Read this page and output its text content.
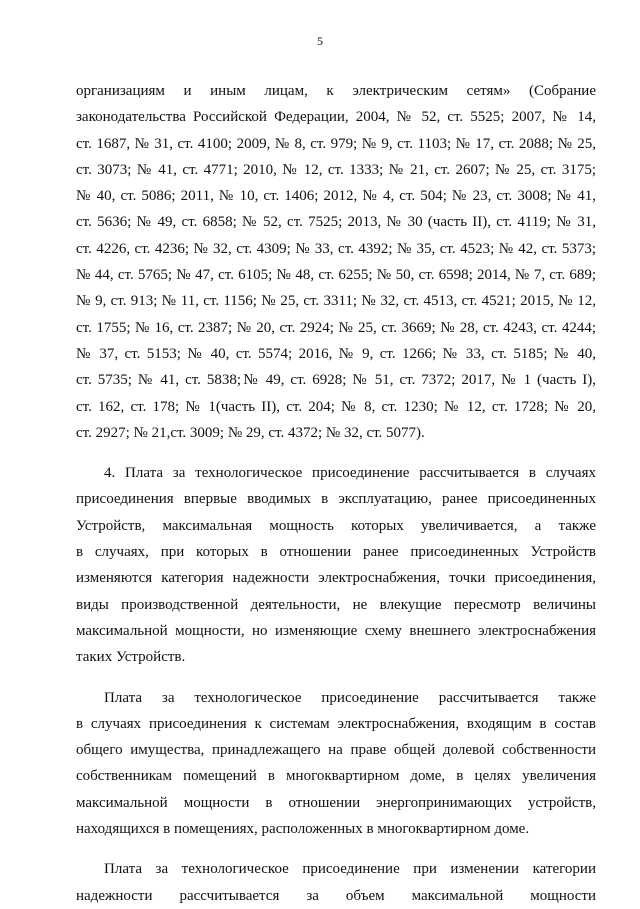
5
организациям и иным лицам, к электрическим сетям» (Собрание
законодательства Российской Федерации, 2004, № 52, ст. 5525; 2007, № 14,
ст. 1687, № 31, ст. 4100; 2009, № 8, ст. 979; № 9, ст. 1103; № 17, ст. 2088; № 25,
ст. 3073; № 41, ст. 4771; 2010, № 12, ст. 1333; № 21, ст. 2607; № 25, ст. 3175;
№ 40, ст. 5086; 2011, № 10, ст. 1406; 2012, № 4, ст. 504; № 23, ст. 3008; № 41,
ст. 5636; № 49, ст. 6858; № 52, ст. 7525; 2013, № 30 (часть II), ст. 4119; № 31,
ст. 4226, ст. 4236; № 32, ст. 4309; № 33, ст. 4392; № 35, ст. 4523; № 42, ст. 5373;
№ 44, ст. 5765; № 47, ст. 6105; № 48, ст. 6255; № 50, ст. 6598; 2014, № 7, ст. 689;
№ 9, ст. 913; № 11, ст. 1156; № 25, ст. 3311; № 32, ст. 4513, ст. 4521; 2015, № 12,
ст. 1755; № 16, ст. 2387; № 20, ст. 2924; № 25, ст. 3669; № 28, ст. 4243, ст. 4244;
№ 37, ст. 5153; № 40, ст. 5574; 2016, № 9, ст. 1266; № 33, ст. 5185; № 40,
ст. 5735; № 41, ст. 5838;№ 49, ст. 6928; № 51, ст. 7372; 2017, № 1 (часть I),
ст. 162, ст. 178; № 1(часть II), ст. 204; № 8, ст. 1230; № 12, ст. 1728; № 20,
ст. 2927; № 21,ст. 3009; № 29, ст. 4372; № 32, ст. 5077).
4. Плата за технологическое присоединение рассчитывается в случаях
присоединения впервые вводимых в эксплуатацию, ранее присоединенных
Устройств, максимальная мощность которых увеличивается, а также
в случаях, при которых в отношении ранее присоединенных Устройств
изменяются категория надежности электроснабжения, точки присоединения,
виды производственной деятельности, не влекущие пересмотр величины
максимальной мощности, но изменяющие схему внешнего электроснабжения
таких Устройств.
Плата за технологическое присоединение рассчитывается также
в случаях присоединения к системам электроснабжения, входящим в состав
общего имущества, принадлежащего на праве общей долевой собственности
собственникам помещений в многоквартирном доме, в целях увеличения
максимальной мощности в отношении энергопринимающих устройств,
находящихся в помещениях, расположенных в многоквартирном доме.
Плата за технологическое присоединение при изменении категории
надежности рассчитывается за объем максимальной мощности
